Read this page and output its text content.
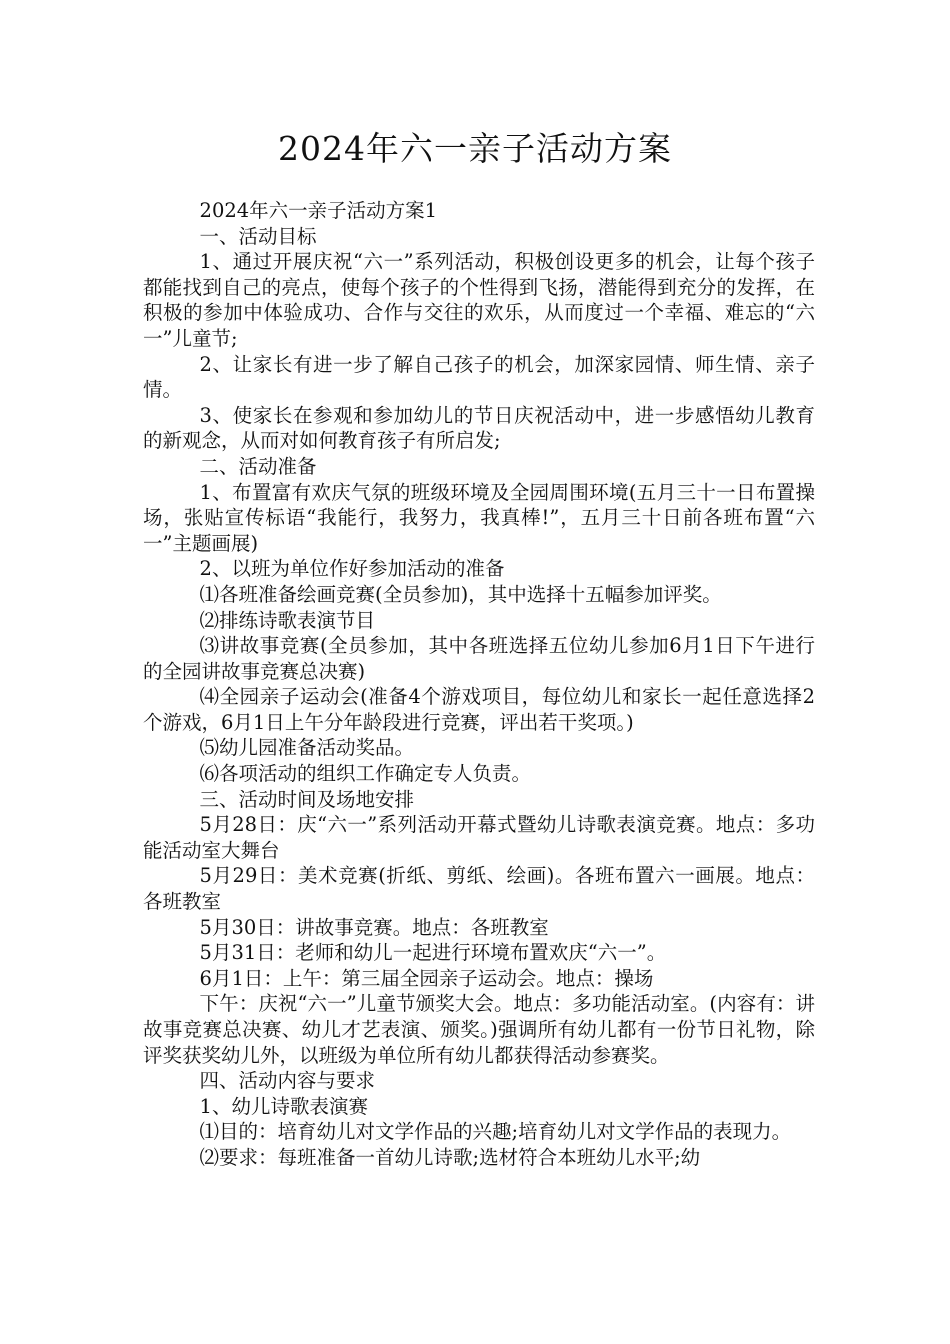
2024年六一亲子活动方案

2024年六一亲子活动方案1

一、活动目标

1、通过开展庆祝“六一”系列活动，积极创设更多的机会，让每个孩子都能找到自己的亮点，使每个孩子的个性得到飞扬，潜能得到充分的发挥，在积极的参加中体验成功、合作与交往的欢乐，从而度过一个幸福、难忘的“六一”儿童节;

2、让家长有进一步了解自己孩子的机会，加深家园情、师生情、亲子情。

3、使家长在参观和参加幼儿的节日庆祝活动中，进一步感悟幼儿教育的新观念，从而对如何教育孩子有所启发;

二、活动准备

1、布置富有欢庆气氛的班级环境及全园周围环境(五月三十一日布置操场，张贴宣传标语“我能行，我努力，我真棒!”，五月三十日前各班布置“六一”主题画展)

2、以班为单位作好参加活动的准备

⑴各班准备绘画竞赛(全员参加)，其中选择十五幅参加评奖。

⑵排练诗歌表演节目

⑶讲故事竞赛(全员参加，其中各班选择五位幼儿参加6月1日下午进行的全园讲故事竞赛总决赛)

⑷全园亲子运动会(准备4个游戏项目，每位幼儿和家长一起任意选择2个游戏，6月1日上午分年龄段进行竞赛，评出若干奖项。)

⑸幼儿园准备活动奖品。

⑹各项活动的组织工作确定专人负责。

三、活动时间及场地安排

5月28日：庆“六一”系列活动开幕式暨幼儿诗歌表演竞赛。地点：多功能活动室大舞台

5月29日：美术竞赛(折纸、剪纸、绘画)。各班布置六一画展。地点：各班教室

5月30日：讲故事竞赛。地点：各班教室

5月31日：老师和幼儿一起进行环境布置欢庆“六一”。

6月1日：上午：第三届全园亲子运动会。地点：操场

下午：庆祝“六一”儿童节颁奖大会。地点：多功能活动室。(内容有：讲故事竞赛总决赛、幼儿才艺表演、颁奖。)强调所有幼儿都有一份节日礼物，除评奖获奖幼儿外，以班级为单位所有幼儿都获得活动参赛奖。

四、活动内容与要求

1、幼儿诗歌表演赛

⑴目的：培育幼儿对文学作品的兴趣;培育幼儿对文学作品的表现力。

⑵要求：每班准备一首幼儿诗歌;选材符合本班幼儿水平;幼
